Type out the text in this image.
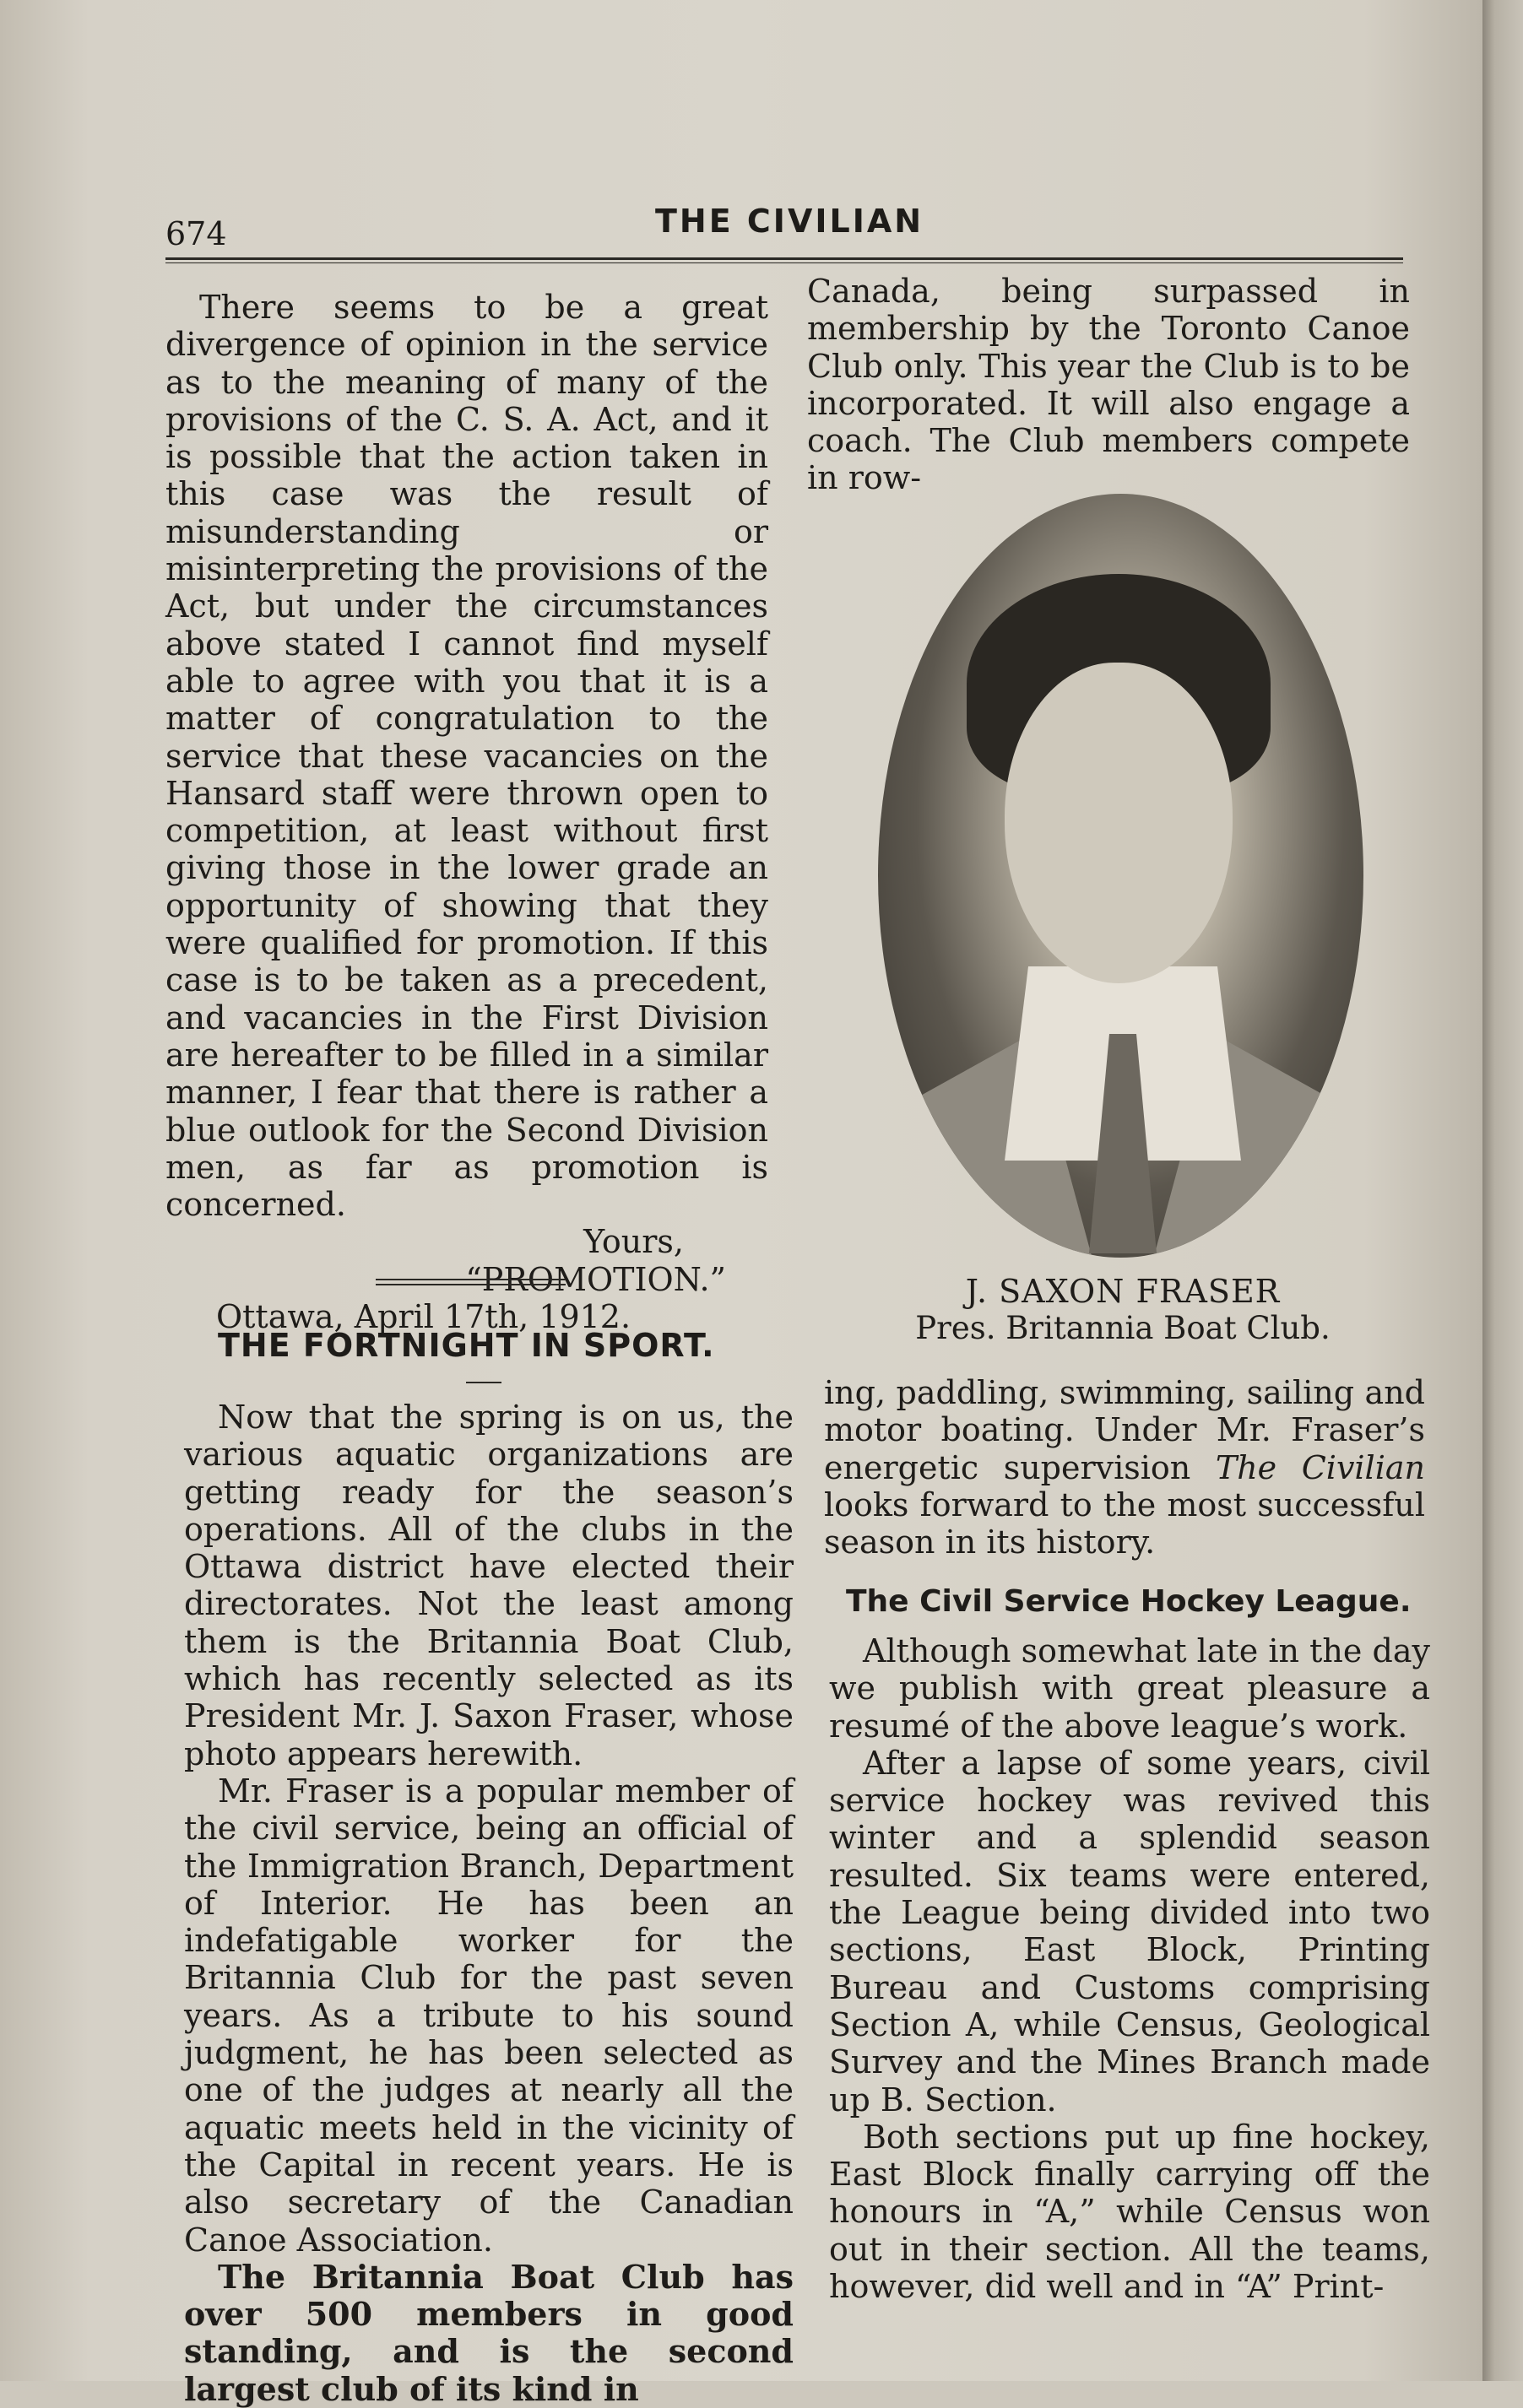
674	THE CIVILIAN

There seems to be a great divergence of opinion in the service as to the meaning of many of the provisions of the C. S. A. Act, and it is possible that the action taken in this case was the result of misunderstanding or misinterpreting the provisions of the Act, but under the circumstances above stated I cannot find myself able to agree with you that it is a matter of congratulation to the service that these vacancies on the Hansard staff were thrown open to competition, at least without first giving those in the lower grade an opportunity of showing that they were qualified for promotion. If this case is to be taken as a precedent, and vacancies in the First Division are hereafter to be filled in a similar manner, I fear that there is rather a blue outlook for the Second Division men, as far as promotion is concerned.

Yours,

“PROMOTION.”

Ottawa, April 17th, 1912.

THE FORTNIGHT IN SPORT.

Now that the spring is on us, the various aquatic organizations are getting ready for the season’s operations. All of the clubs in the Ottawa district have elected their directorates. Not the least among them is the Britannia Boat Club, which has recently selected as its President Mr. J. Saxon Fraser, whose photo appears herewith.

Mr. Fraser is a popular member of the civil service, being an official of the Immigration Branch, Department of Interior. He has been an indefatigable worker for the Britannia Club for the past seven years. As a tribute to his sound judgment, he has been selected as one of the judges at nearly all the aquatic meets held in the vicinity of the Capital in recent years. He is also secretary of the Canadian Canoe Association.

The Britannia Boat Club has over 500 members in good standing, and is the second largest club of its kind in

Canada, being surpassed in membership by the Toronto Canoe Club only. This year the Club is to be incorporated. It will also engage a coach. The Club members compete in row-

J. SAXON FRASER
Pres. Britannia Boat Club.

ing, paddling, swimming, sailing and motor boating. Under Mr. Fraser’s energetic supervision The Civilian looks forward to the most successful season in its history.

The Civil Service Hockey League.

Although somewhat late in the day we publish with great pleasure a resumé of the above league’s work.

After a lapse of some years, civil service hockey was revived this winter and a splendid season resulted. Six teams were entered, the League being divided into two sections, East Block, Printing Bureau and Customs comprising Section A, while Census, Geological Survey and the Mines Branch made up B. Section.

Both sections put up fine hockey, East Block finally carrying off the honours in “A,” while Census won out in their section. All the teams, however, did well and in “A” Print-
